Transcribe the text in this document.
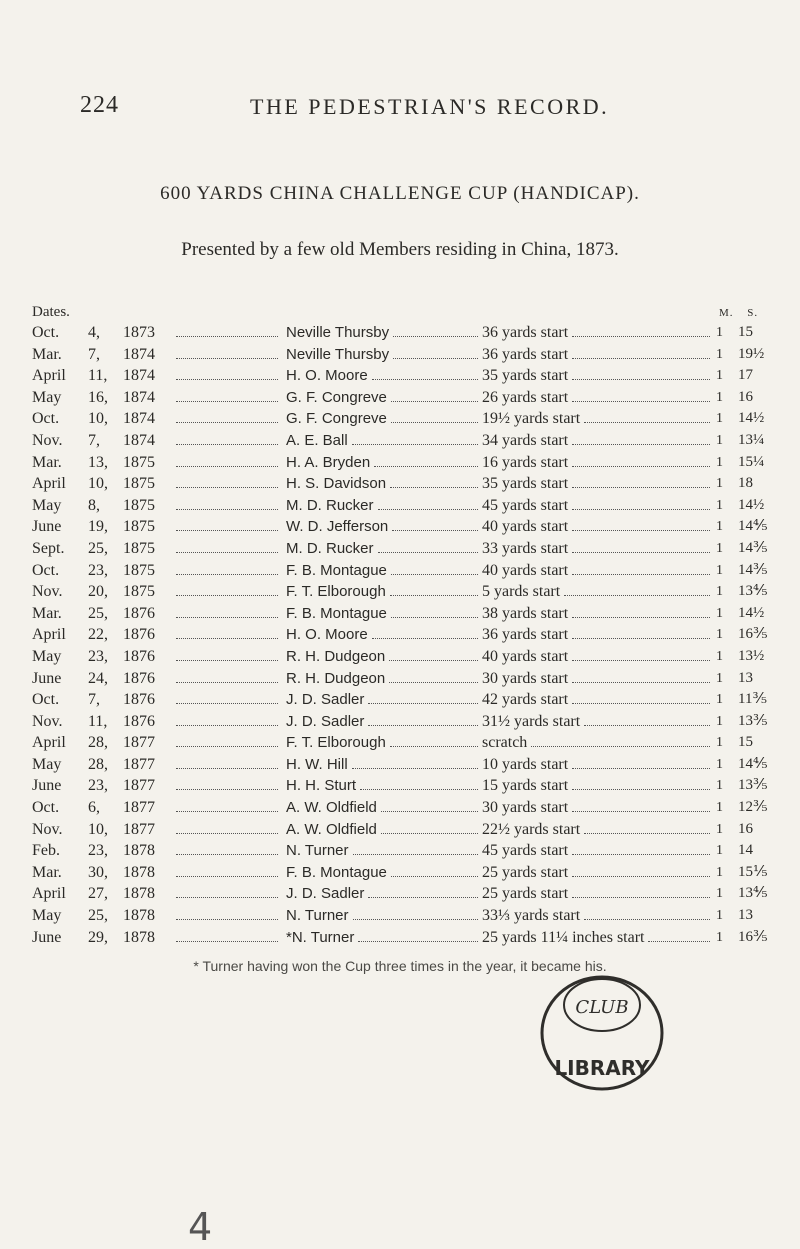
224	THE PEDESTRIAN'S RECORD.
600 YARDS CHINA CHALLENGE CUP (HANDICAP).
Presented by a few old Members residing in China, 1873.
Dates.	M. S.
Oct.	4, 1873	Neville Thursby	36 yards start	1 15
Mar.	7, 1874	Neville Thursby	36 yards start	1 19½
April	11, 1874	H. O. Moore	35 yards start	1 17
May	16, 1874	G. F. Congreve	26 yards start	1 16
Oct.	10, 1874	G. F. Congreve	19½ yards start	1 14½
Nov.	7, 1874	A. E. Ball	34 yards start	1 13¼
Mar.	13, 1875	H. A. Bryden	16 yards start	1 15¼
April	10, 1875	H. S. Davidson	35 yards start	1 18
May	8, 1875	M. D. Rucker	45 yards start	1 14½
June	19, 1875	W. D. Jefferson	40 yards start	1 14⅘
Sept.	25, 1875	M. D. Rucker	33 yards start	1 14⅗
Oct.	23, 1875	F. B. Montague	40 yards start	1 14⅗
Nov.	20, 1875	F. T. Elborough	5 yards start	1 13⅘
Mar.	25, 1876	F. B. Montague	38 yards start	1 14½
April	22, 1876	H. O. Moore	36 yards start	1 16⅗
May	23, 1876	R. H. Dudgeon	40 yards start	1 13½
June	24, 1876	R. H. Dudgeon	30 yards start	1 13
Oct.	7, 1876	J. D. Sadler	42 yards start	1 11⅗
Nov.	11, 1876	J. D. Sadler	31½ yards start	1 13⅗
April	28, 1877	F. T. Elborough	scratch	1 15
May	28, 1877	H. W. Hill	10 yards start	1 14⅘
June	23, 1877	H. H. Sturt	15 yards start	1 13⅗
Oct.	6, 1877	A. W. Oldfield	30 yards start	1 12⅗
Nov.	10, 1877	A. W. Oldfield	22½ yards start	1 16
Feb.	23, 1878	N. Turner	45 yards start	1 14
Mar.	30, 1878	F. B. Montague	25 yards start	1 15⅕
April	27, 1878	J. D. Sadler	25 yards start	1 13⅘
May	25, 1878	N. Turner	33⅓ yards start	1 13
June	29, 1878	*N. Turner	25 yards 11¼ inches start	1 16⅗
* Turner having won the Cup three times in the year, it became his.
CLUB
LIBRARY
4
